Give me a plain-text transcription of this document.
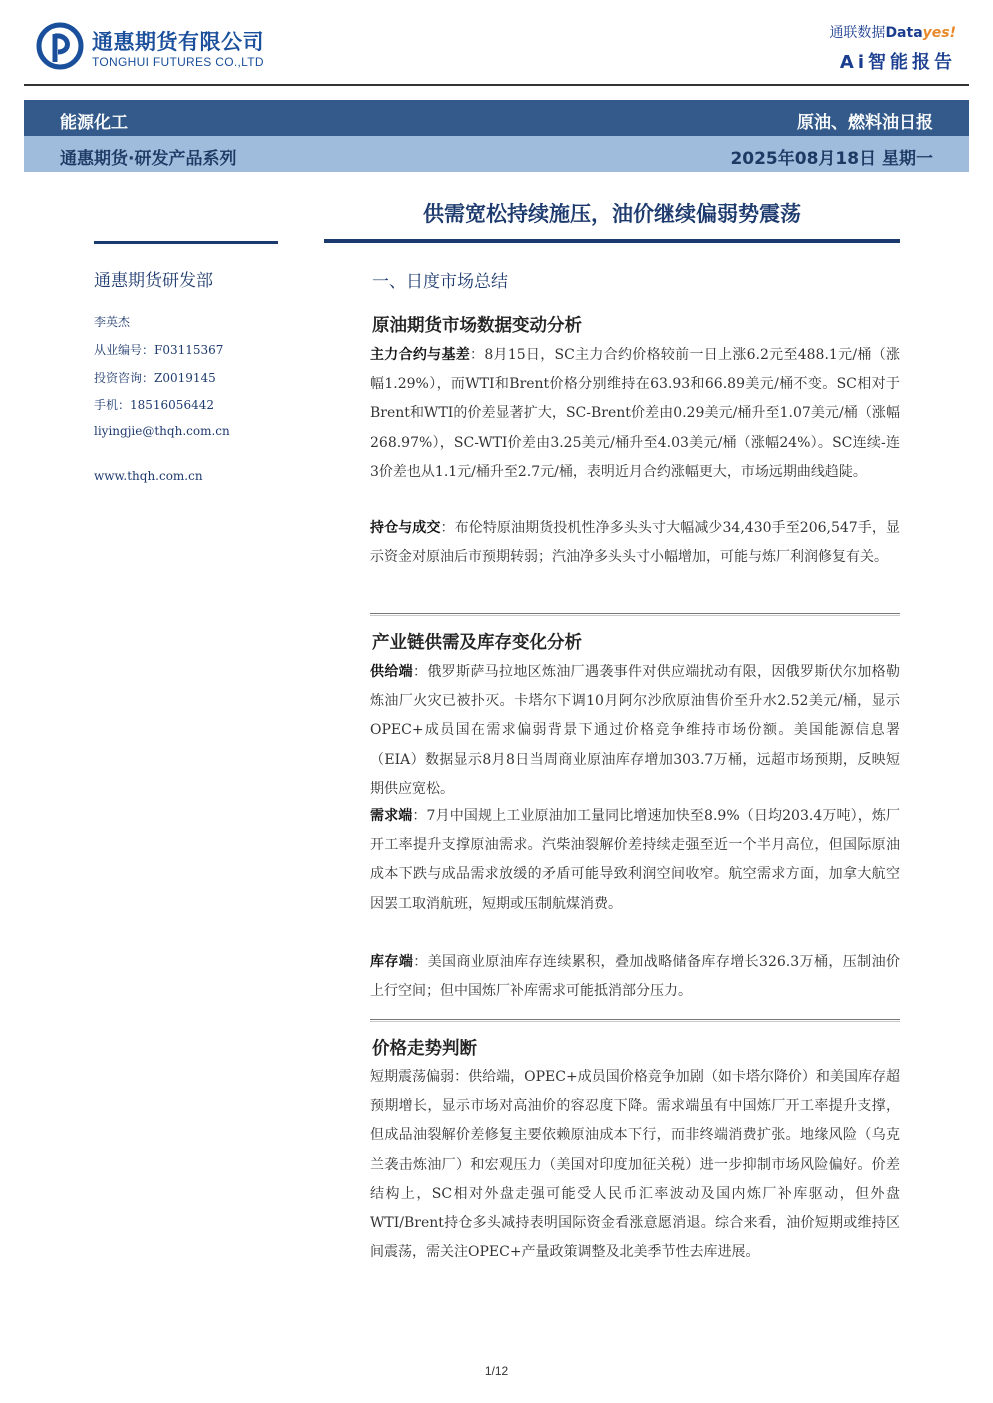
通惠期货有限公司
TONGHUI FUTURES CO.,LTD
通联数据Datayes!
Ai智能报告
能源化工	原油、燃料油日报
通惠期货·研发产品系列	2025年08月18日 星期一
供需宽松持续施压，油价继续偏弱势震荡
通惠期货研发部
李英杰
从业编号：F03115367
投资咨询：Z0019145
手机：18516056442
liyingjie@thqh.com.cn
www.thqh.com.cn
一、日度市场总结
原油期货市场数据变动分析
主力合约与基差：8月15日，SC主力合约价格较前一日上涨6.2元至488.1元/桶（涨幅1.29%），而WTI和Brent价格分别维持在63.93和66.89美元/桶不变。SC相对于Brent和WTI的价差显著扩大，SC-Brent价差由0.29美元/桶升至1.07美元/桶（涨幅268.97%），SC-WTI价差由3.25美元/桶升至4.03美元/桶（涨幅24%）。SC连续-连3价差也从1.1元/桶升至2.7元/桶，表明近月合约涨幅更大，市场远期曲线趋陡。
持仓与成交：布伦特原油期货投机性净多头头寸大幅减少34,430手至206,547手，显示资金对原油后市预期转弱；汽油净多头头寸小幅增加，可能与炼厂利润修复有关。
产业链供需及库存变化分析
供给端：俄罗斯萨马拉地区炼油厂遇袭事件对供应端扰动有限，因俄罗斯伏尔加格勒炼油厂火灾已被扑灭。卡塔尔下调10月阿尔沙欣原油售价至升水2.52美元/桶，显示OPEC+成员国在需求偏弱背景下通过价格竞争维持市场份额。美国能源信息署（EIA）数据显示8月8日当周商业原油库存增加303.7万桶，远超市场预期，反映短期供应宽松。
需求端：7月中国规上工业原油加工量同比增速加快至8.9%（日均203.4万吨），炼厂开工率提升支撑原油需求。汽柴油裂解价差持续走强至近一个半月高位，但国际原油成本下跌与成品需求放缓的矛盾可能导致利润空间收窄。航空需求方面，加拿大航空因罢工取消航班，短期或压制航煤消费。
库存端：美国商业原油库存连续累积，叠加战略储备库存增长326.3万桶，压制油价上行空间；但中国炼厂补库需求可能抵消部分压力。
价格走势判断
短期震荡偏弱：供给端，OPEC+成员国价格竞争加剧（如卡塔尔降价）和美国库存超预期增长，显示市场对高油价的容忍度下降。需求端虽有中国炼厂开工率提升支撑，但成品油裂解价差修复主要依赖原油成本下行，而非终端消费扩张。地缘风险（乌克兰袭击炼油厂）和宏观压力（美国对印度加征关税）进一步抑制市场风险偏好。价差结构上，SC相对外盘走强可能受人民币汇率波动及国内炼厂补库驱动，但外盘WTI/Brent持仓多头减持表明国际资金看涨意愿消退。综合来看，油价短期或维持区间震荡，需关注OPEC+产量政策调整及北美季节性去库进展。
1/12
